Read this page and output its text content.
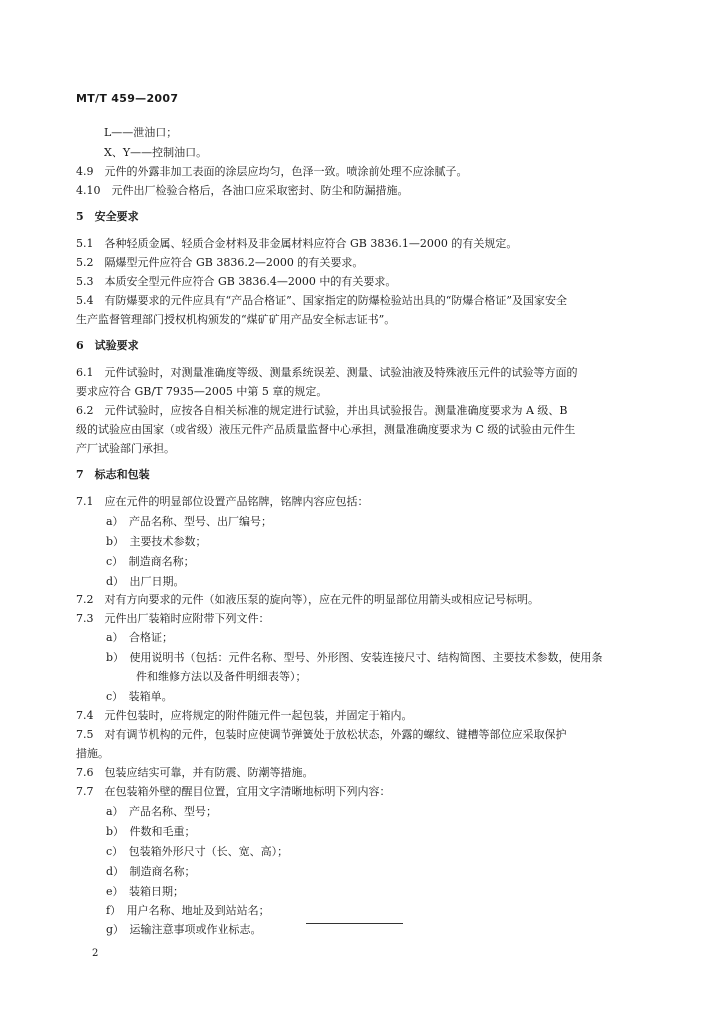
MT/T 459—2007
L——泄油口；
X、Y——控制油口。
4.9　元件的外露非加工表面的涂层应均匀，色泽一致。喷涂前处理不应涂腻子。
4.10　元件出厂检验合格后，各油口应采取密封、防尘和防漏措施。
5　安全要求
5.1　各种轻质金属、轻质合金材料及非金属材料应符合 GB 3836.1—2000 的有关规定。
5.2　隔爆型元件应符合 GB 3836.2—2000 的有关要求。
5.3　本质安全型元件应符合 GB 3836.4—2000 中的有关要求。
5.4　有防爆要求的元件应具有“产品合格证”、国家指定的防爆检验站出具的“防爆合格证”及国家安全
生产监督管理部门授权机构颁发的“煤矿矿用产品安全标志证书”。
6　试验要求
6.1　元件试验时，对测量准确度等级、测量系统误差、测量、试验油液及特殊液压元件的试验等方面的
要求应符合 GB/T 7935—2005 中第 5 章的规定。
6.2　元件试验时，应按各自相关标准的规定进行试验，并出具试验报告。测量准确度要求为 A 级、B
级的试验应由国家（或省级）液压元件产品质量监督中心承担，测量准确度要求为 C 级的试验由元件生
产厂试验部门承担。
7　标志和包装
7.1　应在元件的明显部位设置产品铭牌，铭牌内容应包括：
a）　产品名称、型号、出厂编号；
b）　主要技术参数；
c）　制造商名称；
d）　出厂日期。
7.2　对有方向要求的元件（如液压泵的旋向等），应在元件的明显部位用箭头或相应记号标明。
7.3　元件出厂装箱时应附带下列文件：
a）　合格证；
b）　使用说明书（包括：元件名称、型号、外形图、安装连接尺寸、结构简图、主要技术参数，使用条
件和维修方法以及备件明细表等）；
c）　装箱单。
7.4　元件包装时，应将规定的附件随元件一起包装，并固定于箱内。
7.5　对有调节机构的元件，包装时应使调节弹簧处于放松状态，外露的螺纹、键槽等部位应采取保护
措施。
7.6　包装应结实可靠，并有防震、防潮等措施。
7.7　在包装箱外壁的醒目位置，宜用文字清晰地标明下列内容：
a）　产品名称、型号；
b）　件数和毛重；
c）　包装箱外形尺寸（长、宽、高）；
d）　制造商名称；
e）　装箱日期；
f）　用户名称、地址及到站站名；
g）　运输注意事项或作业标志。
2
